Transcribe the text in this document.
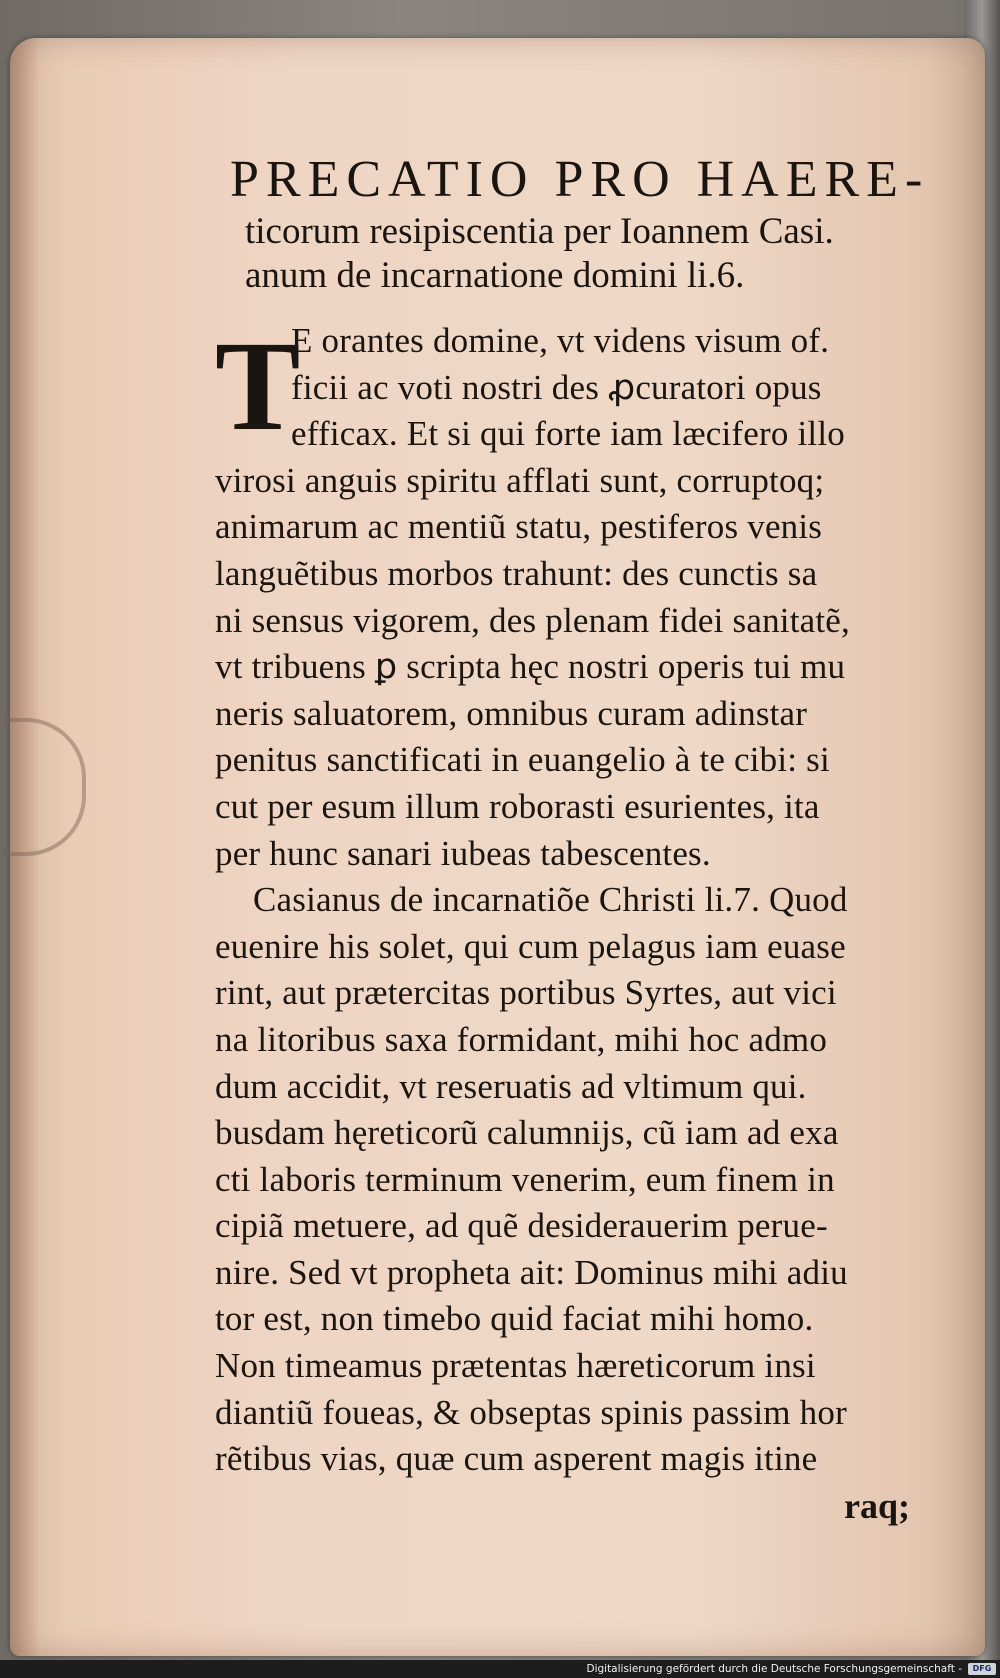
PRECATIO PRO HAERE-
ticorum resipiscentia per Ioannem Casi.
anum de incarnatione domini li.6.
T
E orantes domine, vt videns visum of.
ficii ac voti nostri des ꝓcuratori opus
efficax. Et si qui forte iam læcifero illo
virosi anguis spiritu afflati sunt, corruptoq;
animarum ac mentiũ statu, pestiferos venis
languẽtibus morbos trahunt: des cunctis sa
ni sensus vigorem, des plenam fidei sanitatẽ,
vt tribuens ꝑ scripta hęc nostri operis tui mu
neris saluatorem, omnibus curam adinstar
penitus sanctificati in euangelio à te cibi: si
cut per esum illum roborasti esurientes, ita
per hunc sanari iubeas tabescentes.
Casianus de incarnatiõe Christi li.7. Quod
euenire his solet, qui cum pelagus iam euase
rint, aut prætercitas portibus Syrtes, aut vici
na litoribus saxa formidant, mihi hoc admo
dum accidit, vt reseruatis ad vltimum qui.
busdam hęreticorũ calumnijs, cũ iam ad exa
cti laboris terminum venerim, eum finem in
cipiã metuere, ad quẽ desiderauerim perue-
nire. Sed vt propheta ait: Dominus mihi adiu
tor est, non timebo quid faciat mihi homo.
Non timeamus prætentas hæreticorum insi
diantiũ foueas, & obseptas spinis passim hor
rẽtibus vias, quæ cum asperent magis itine
raq;
Digitalisierung gefördert durch die Deutsche Forschungsgemeinschaft - DFG
